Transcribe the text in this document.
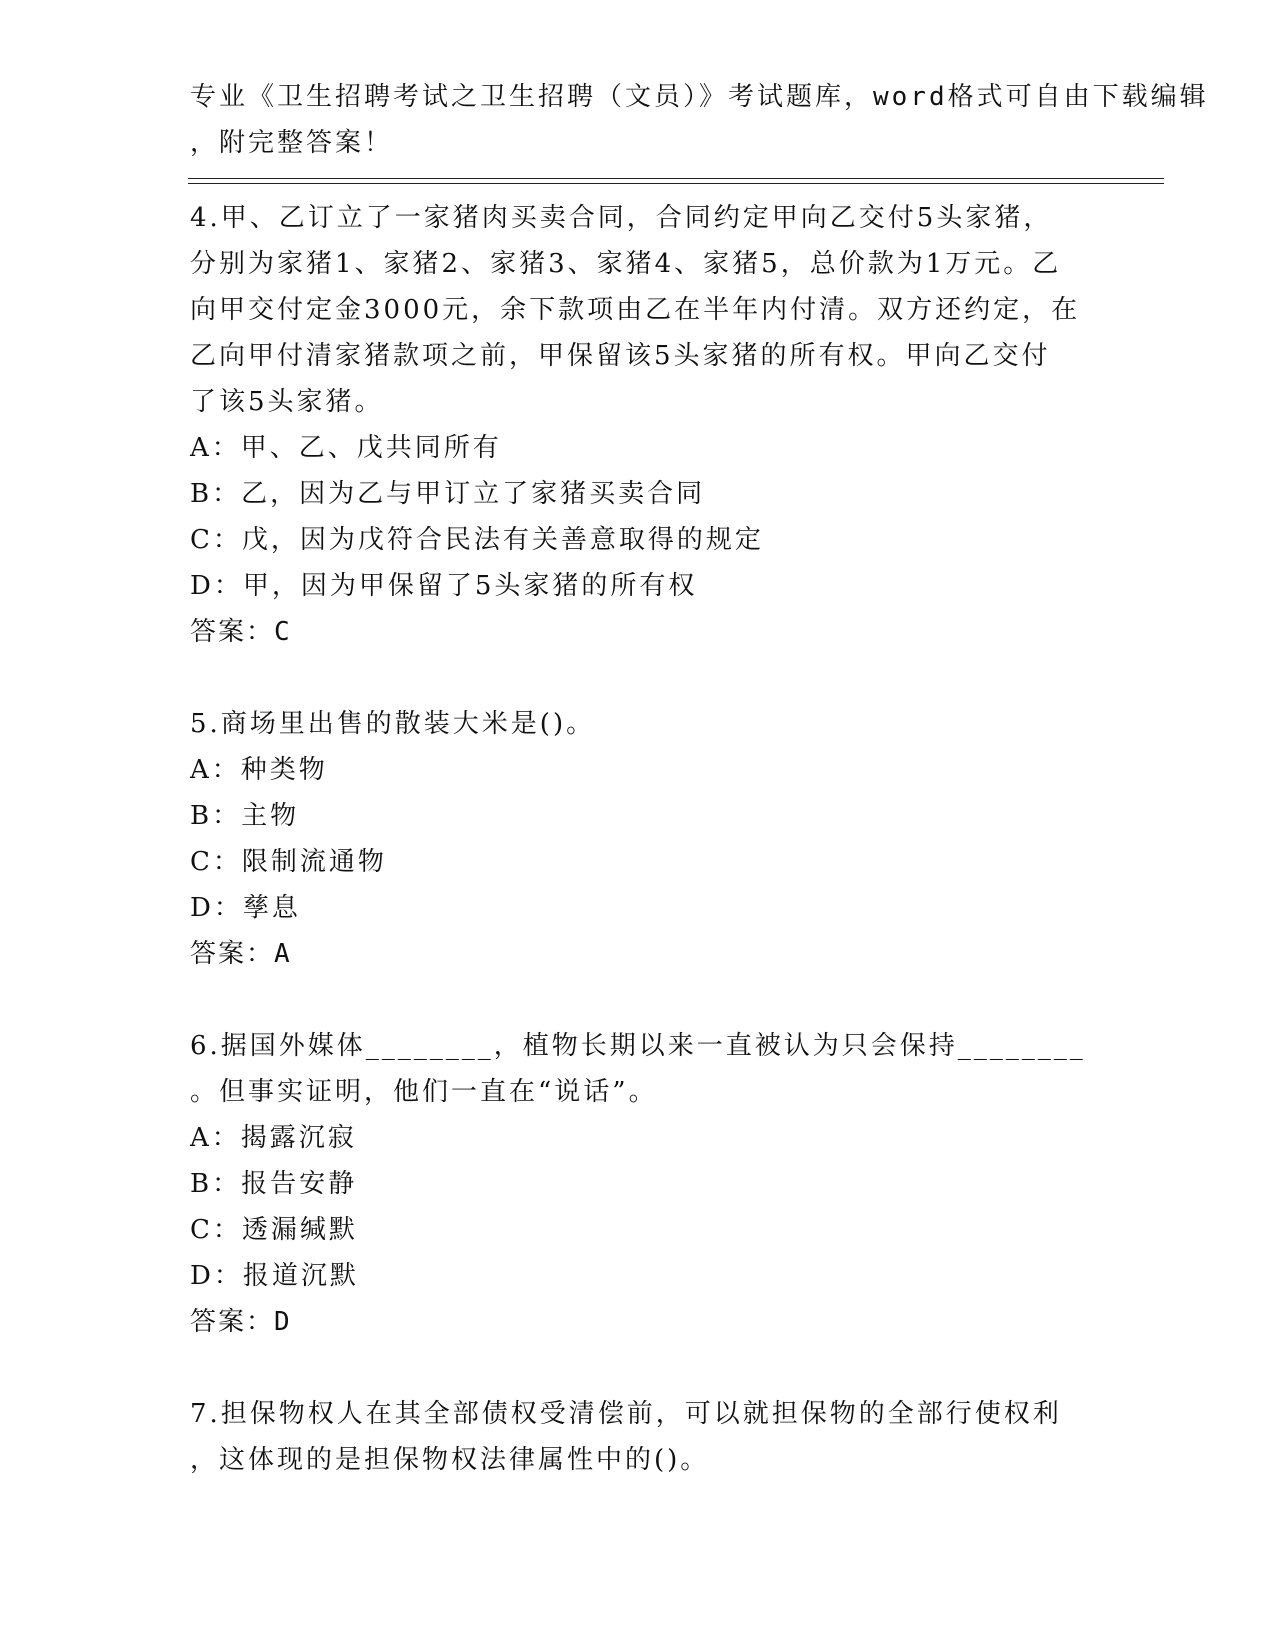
专业《卫生招聘考试之卫生招聘（文员）》考试题库，word格式可自由下载编辑
，附完整答案！
4.甲、乙订立了一家猪肉买卖合同，合同约定甲向乙交付5头家猪，
分别为家猪1、家猪2、家猪3、家猪4、家猪5，总价款为1万元。乙
向甲交付定金3000元，余下款项由乙在半年内付清。双方还约定，在
乙向甲付清家猪款项之前，甲保留该5头家猪的所有权。甲向乙交付
了该5头家猪。
A：甲、乙、戊共同所有
B：乙，因为乙与甲订立了家猪买卖合同
C：戊，因为戊符合民法有关善意取得的规定
D：甲，因为甲保留了5头家猪的所有权
答案：C
5.商场里出售的散装大米是()。
A：种类物
B：主物
C：限制流通物
D：孳息
答案：A
6.据国外媒体________，植物长期以来一直被认为只会保持________
。但事实证明，他们一直在“说话”。
A：揭露沉寂
B：报告安静
C：透漏缄默
D：报道沉默
答案：D
7.担保物权人在其全部债权受清偿前，可以就担保物的全部行使权利
，这体现的是担保物权法律属性中的()。
